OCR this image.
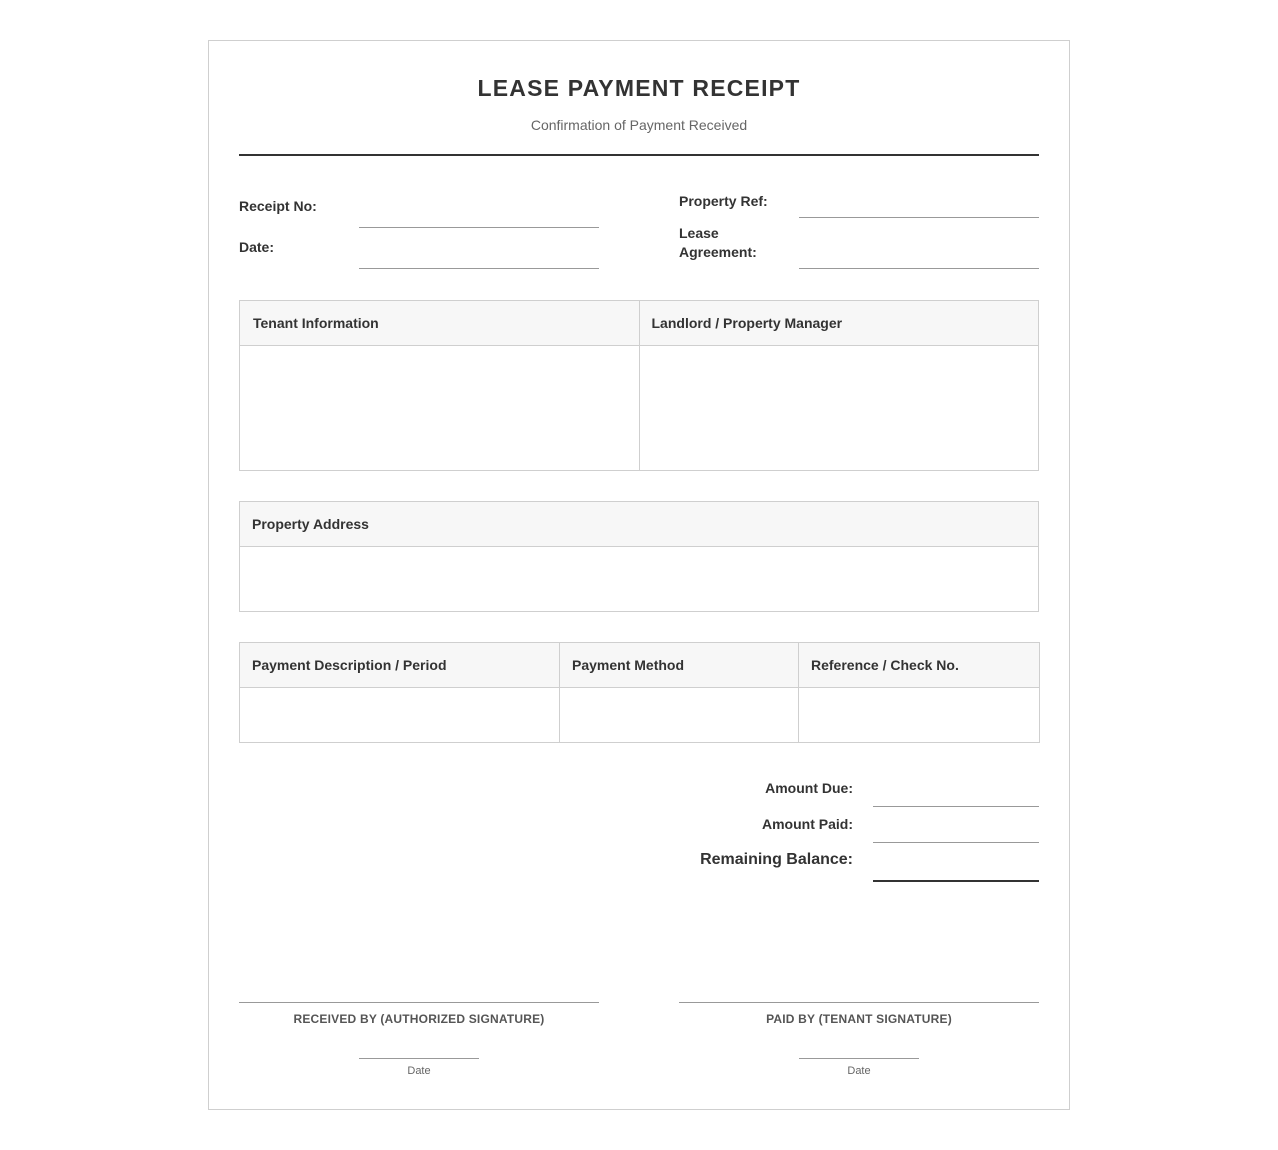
LEASE PAYMENT RECEIPT
Confirmation of Payment Received
Receipt No:
Date:
Property Ref:
Lease
Agreement:
Tenant Information	Landlord / Property Manager

Property Address

Payment Description / Period	Payment Method	Reference / Check No.

Amount Due:
Amount Paid:
Remaining Balance:
RECEIVED BY (AUTHORIZED SIGNATURE)
Date
PAID BY (TENANT SIGNATURE)
Date
